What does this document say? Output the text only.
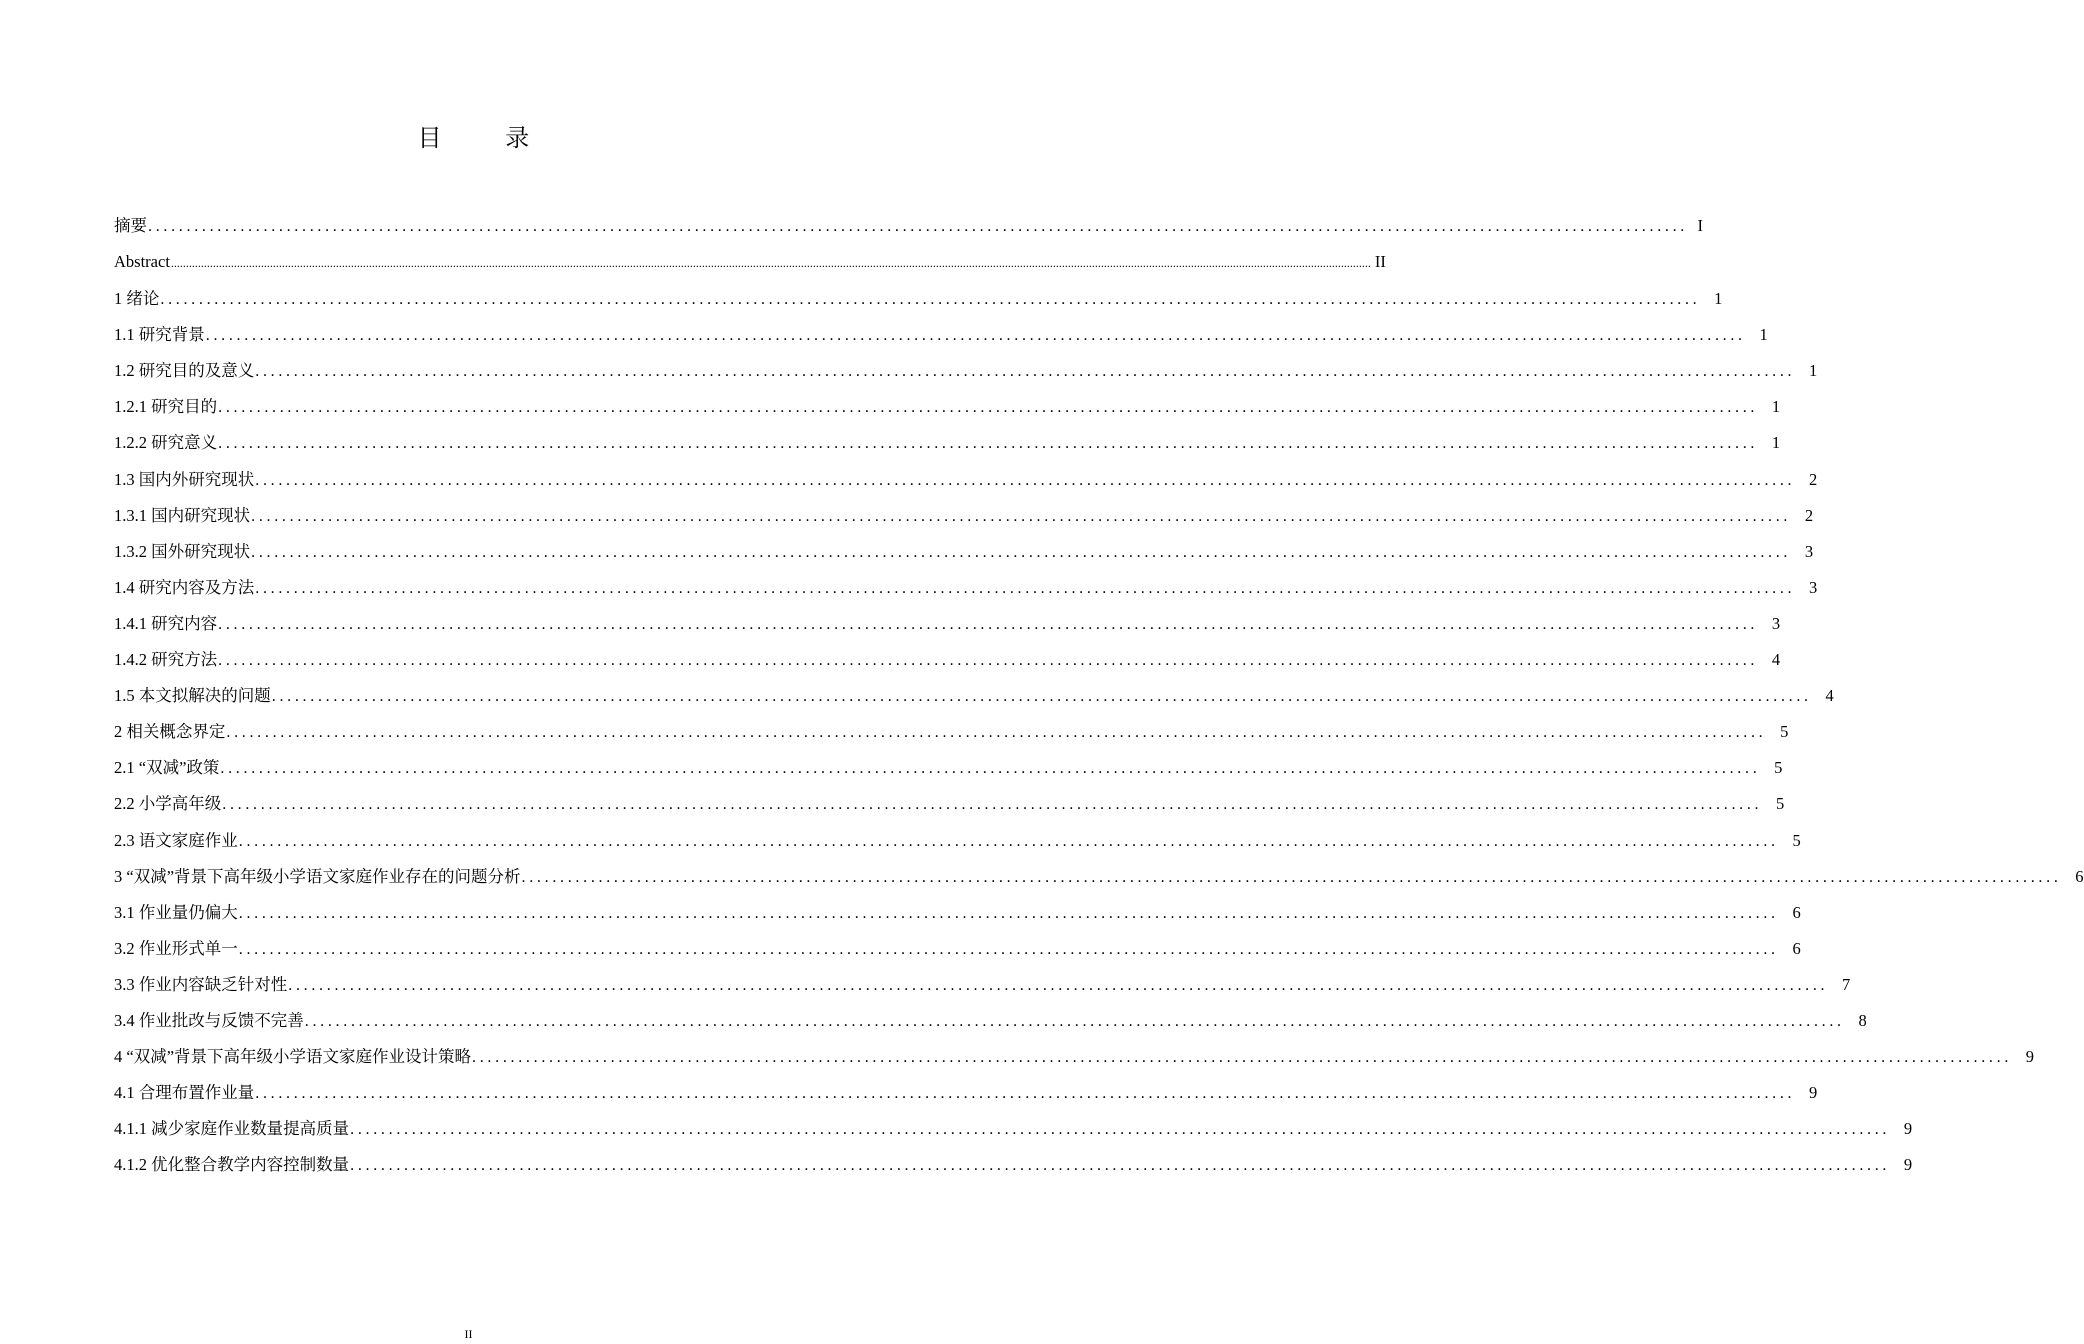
目 录
摘要 ........................................................................................................................................................................................................ I
Abstract ................................................................................................................................................................................................................................................................................................................................................................................................................ II
1 绪论 ........................................................................................................................................................................................................ 1
1.1 研究背景 ........................................................................................................................................................................................................ 1
1.2 研究目的及意义 ........................................................................................................................................................................................................ 1
1.2.1 研究目的 ........................................................................................................................................................................................................ 1
1.2.2 研究意义 ........................................................................................................................................................................................................ 1
1.3 国内外研究现状 ........................................................................................................................................................................................................ 2
1.3.1 国内研究现状 ........................................................................................................................................................................................................ 2
1.3.2 国外研究现状 ........................................................................................................................................................................................................ 3
1.4 研究内容及方法 ........................................................................................................................................................................................................ 3
1.4.1 研究内容 ........................................................................................................................................................................................................ 3
1.4.2 研究方法 ........................................................................................................................................................................................................ 4
1.5 本文拟解决的问题 ........................................................................................................................................................................................................ 4
2 相关概念界定 ........................................................................................................................................................................................................ 5
2.1 “双减”政策 ........................................................................................................................................................................................................ 5
2.2 小学高年级 ........................................................................................................................................................................................................ 5
2.3 语文家庭作业 ........................................................................................................................................................................................................ 5
3 “双减”背景下高年级小学语文家庭作业存在的问题分析 ........................................................................................................................................................................................................ 6
3.1 作业量仍偏大 ........................................................................................................................................................................................................ 6
3.2 作业形式单一 ........................................................................................................................................................................................................ 6
3.3 作业内容缺乏针对性 ........................................................................................................................................................................................................ 7
3.4 作业批改与反馈不完善 ........................................................................................................................................................................................................ 8
4 “双减”背景下高年级小学语文家庭作业设计策略 ........................................................................................................................................................................................................ 9
4.1 合理布置作业量 ........................................................................................................................................................................................................ 9
4.1.1 减少家庭作业数量提高质量 ........................................................................................................................................................................................................ 9
4.1.2 优化整合教学内容控制数量 ........................................................................................................................................................................................................ 9
II
